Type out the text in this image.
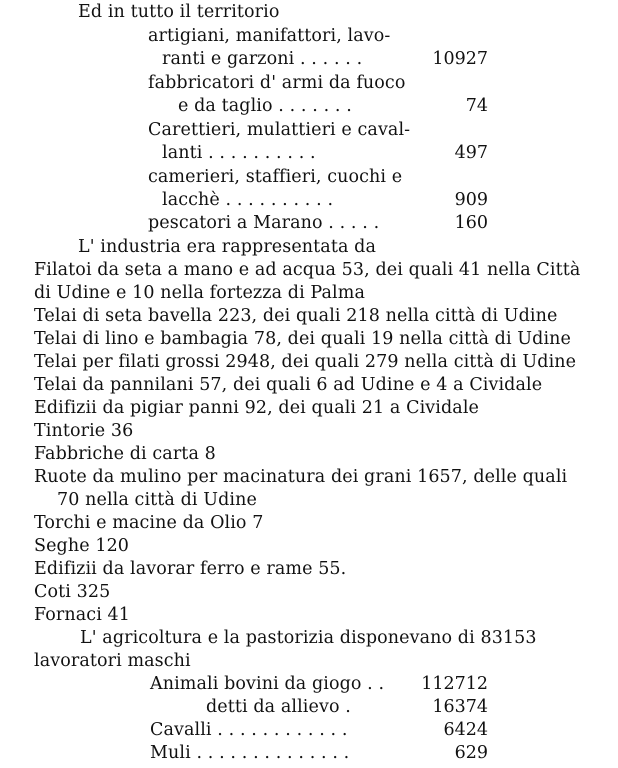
Ed in tutto il territorio
artigiani, manifattori, lavo-
ranti e garzoni . . . . . .	10927
fabbricatori d' armi da fuoco
e da taglio . . . . . . .	74
Carettieri, mulattieri e caval-
lanti . . . . . . . . . .	497
camerieri, staffieri, cuochi e
lacchè . . . . . . . . . .	909
pescatori a Marano . . . . .	160
L' industria era rappresentata da
Filatoi da seta a mano e ad acqua 53, dei quali 41 nella Città
di Udine e 10 nella fortezza di Palma
Telai di seta bavella 223, dei quali 218 nella città di Udine
Telai di lino e bambagia 78, dei quali 19 nella città di Udine
Telai per filati grossi 2948, dei quali 279 nella città di Udine
Telai da pannilani 57, dei quali 6 ad Udine e 4 a Cividale
Edifizii da pigiar panni 92, dei quali 21 a Cividale
Tintorie 36
Fabbriche di carta 8
Ruote da mulino per macinatura dei grani 1657, delle quali
70 nella città di Udine
Torchi e macine da Olio 7
Seghe 120
Edifizii da lavorar ferro e rame 55.
Coti 325
Fornaci 41
L' agricoltura e la pastorizia disponevano di 83153
lavoratori maschi
Animali bovini da giogo . .	112712
detti da allievo .	16374
Cavalli . . . . . . . . . . . .	6424
Muli . . . . . . . . . . . . . .	629
